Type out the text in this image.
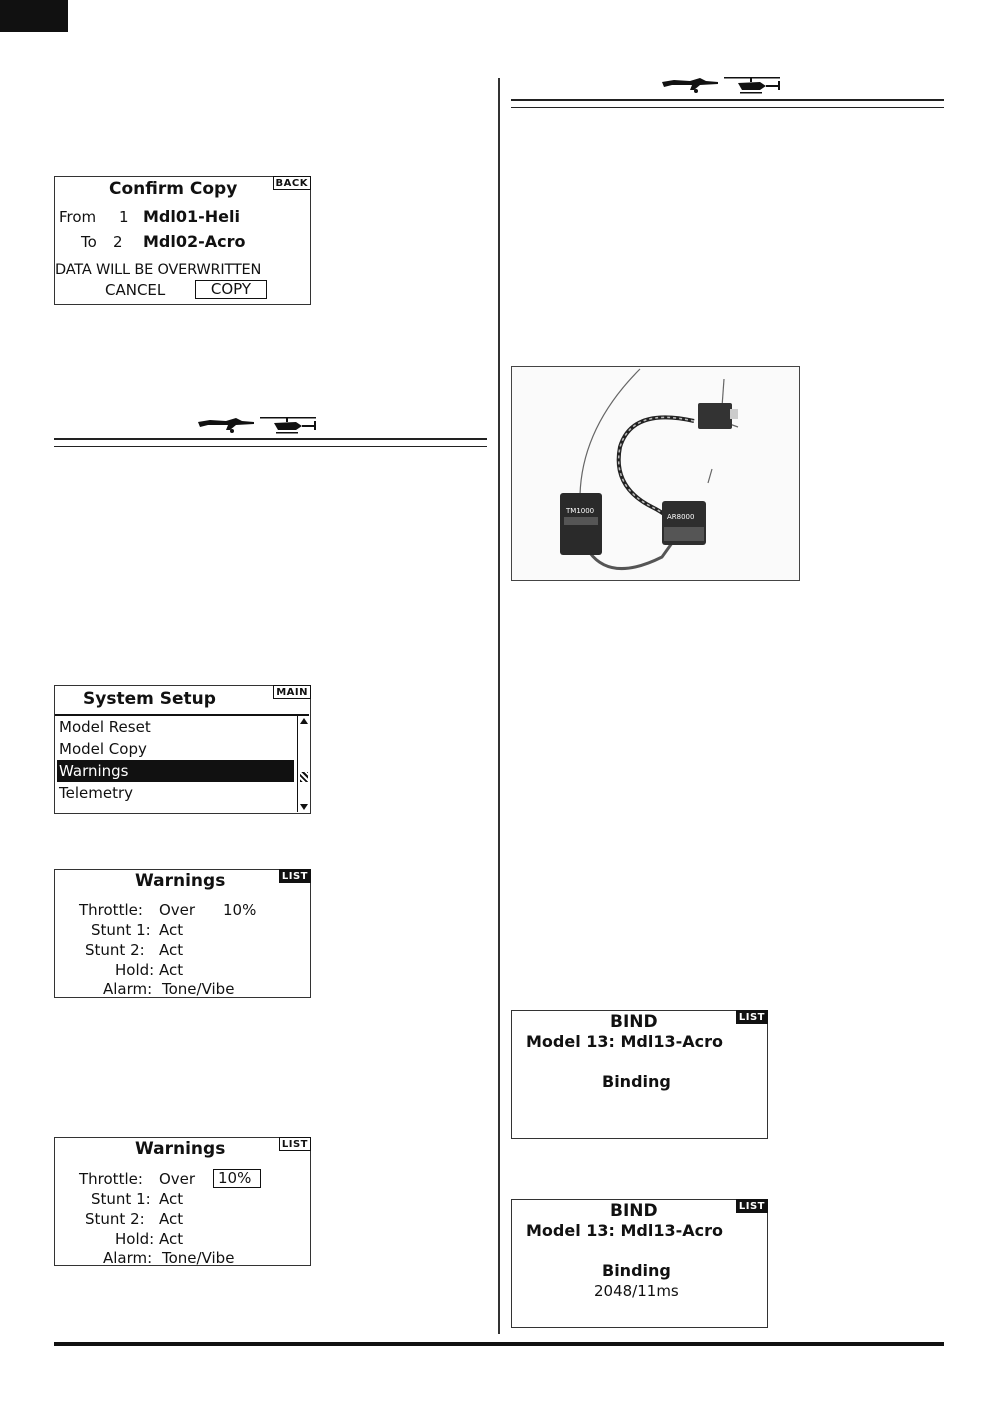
Confirm Copy	BACK
From 1 Mdl01-Heli
To 2 Mdl02-Acro
DATA WILL BE OVERWRITTEN
CANCEL	COPY
System Setup	MAIN
Model Reset
Model Copy
Warnings
Telemetry
Warnings	LIST
Throttle: Over 10%
Stunt 1: Act
Stunt 2: Act
Hold: Act
Alarm: Tone/Vibe
Warnings	LIST
Throttle: Over	10%
Stunt 1: Act
Stunt 2: Act
Hold: Act
Alarm: Tone/Vibe
TM1000
AR8000
BIND	LIST
Model 13: Mdl13-Acro
Binding
BIND	LIST
Model 13: Mdl13-Acro
Binding
2048/11ms
